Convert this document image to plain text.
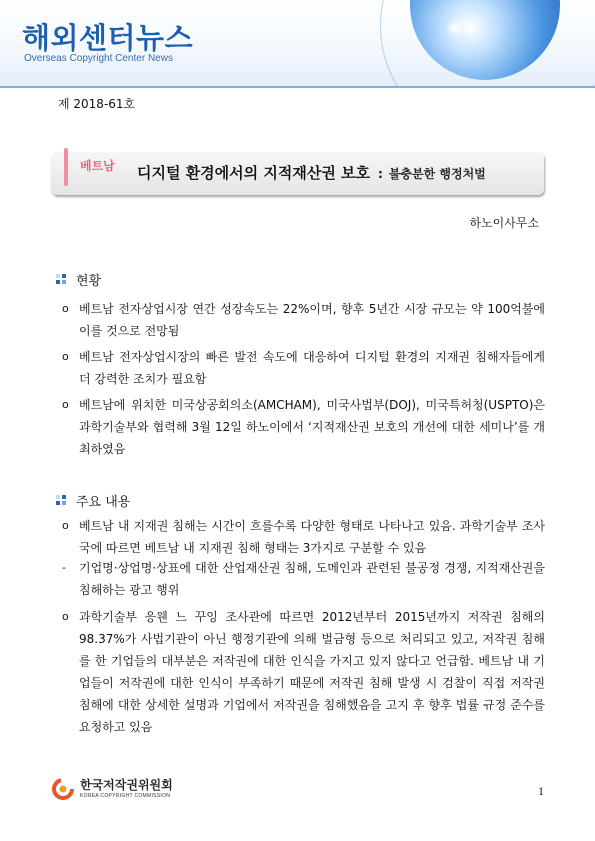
해외센터뉴스
Overseas Copyright Center News
제 2018-61호
베트남 디지털 환경에서의 지적재산권 보호 : 불충분한 행정처벌
하노이사무소
현황
o 베트남 전자상업시장 연간 성장속도는 22%이며, 향후 5년간 시장 규모는 약 100억불에 이를 것으로 전망됨
o 베트남 전자상업시장의 빠른 발전 속도에 대응하여 디지털 환경의 지재권 침해자들에게 더 강력한 조치가 필요함
o 베트남에 위치한 미국상공회의소(AMCHAM), 미국사법부(DOJ), 미국특허청(USPTO)은 과학기술부와 협력해 3월 12일 하노이에서 ‘지적재산권 보호의 개선에 대한 세미나’를 개최하였음
주요 내용
o 베트남 내 지재권 침해는 시간이 흐를수록 다양한 형태로 나타나고 있음. 과학기술부 조사국에 따르면 베트남 내 지재권 침해 형태는 3가지로 구분할 수 있음
-	기업명·상업명·상표에 대한 산업재산권 침해, 도메인과 관련된 불공정 경쟁, 지적재산권을 침해하는 광고 행위
o 과학기술부 응웬 느 꾸잉 조사관에 따르면 2012년부터 2015년까지 저작권 침해의 98.37%가 사법기관이 아닌 행정기관에 의해 벌금형 등으로 처리되고 있고, 저작권 침해를 한 기업들의 대부분은 저작권에 대한 인식을 가지고 있지 않다고 언급함. 베트남 내 기업들이 저작권에 대한 인식이 부족하기 때문에 저작권 침해 발생 시 검찰이 직접 저작권 침해에 대한 상세한 설명과 기업에서 저작권을 침해했음을 고지 후 향후 법률 규정 준수를 요청하고 있음
한국저작권위원회
KOREA COPYRIGHT COMMISSION	1
